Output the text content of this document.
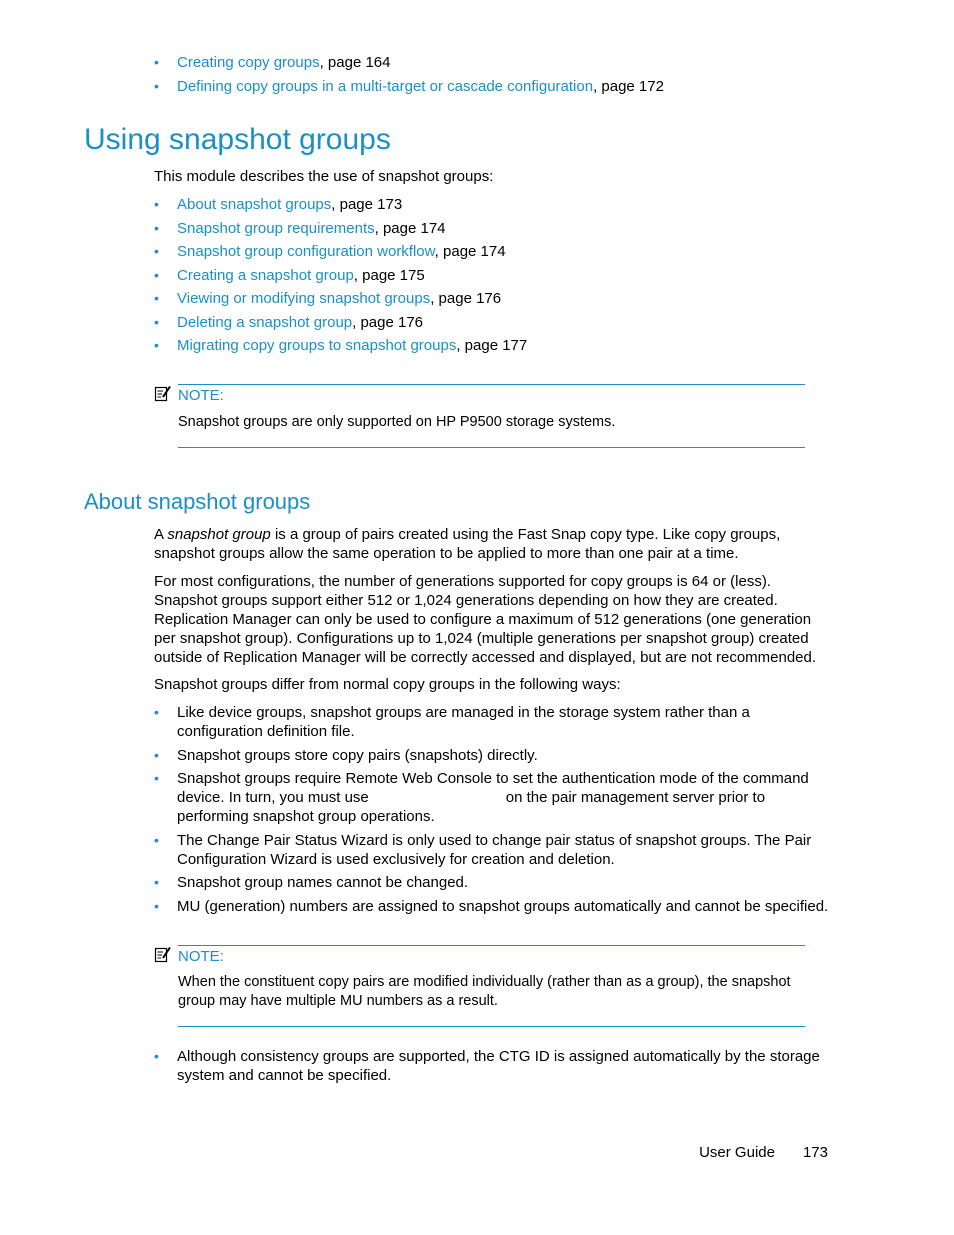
• Creating copy groups, page 164
• Defining copy groups in a multi-target or cascade configuration, page 172
Using snapshot groups

This module describes the use of snapshot groups:

• About snapshot groups, page 173
• Snapshot group requirements, page 174
• Snapshot group configuration workflow, page 174
• Creating a snapshot group, page 175
• Viewing or modifying snapshot groups, page 176
• Deleting a snapshot group, page 176
• Migrating copy groups to snapshot groups, page 177
NOTE:

Snapshot groups are only supported on HP P9500 storage systems.

About snapshot groups

A snapshot group is a group of pairs created using the Fast Snap copy type. Like copy groups, snapshot groups allow the same operation to be applied to more than one pair at a time.

For most configurations, the number of generations supported for copy groups is 64 or (less). Snapshot groups support either 512 or 1,024 generations depending on how they are created. Replication Manager can only be used to configure a maximum of 512 generations (one generation per snapshot group). Configurations up to 1,024 (multiple generations per snapshot group) created outside of Replication Manager will be correctly accessed and displayed, but are not recommended.

Snapshot groups differ from normal copy groups in the following ways:

• Like device groups, snapshot groups are managed in the storage system rather than a configuration definition file.
• Snapshot groups store copy pairs (snapshots) directly.
• Snapshot groups require Remote Web Console to set the authentication mode of the command device. In turn, you must use	on the pair management server prior to performing snapshot group operations.
• The Change Pair Status Wizard is only used to change pair status of snapshot groups. The Pair Configuration Wizard is used exclusively for creation and deletion.
• Snapshot group names cannot be changed.
• MU (generation) numbers are assigned to snapshot groups automatically and cannot be specified.
NOTE:

When the constituent copy pairs are modified individually (rather than as a group), the snapshot group may have multiple MU numbers as a result.

• Although consistency groups are supported, the CTG ID is assigned automatically by the storage system and cannot be specified.
User Guide 173
